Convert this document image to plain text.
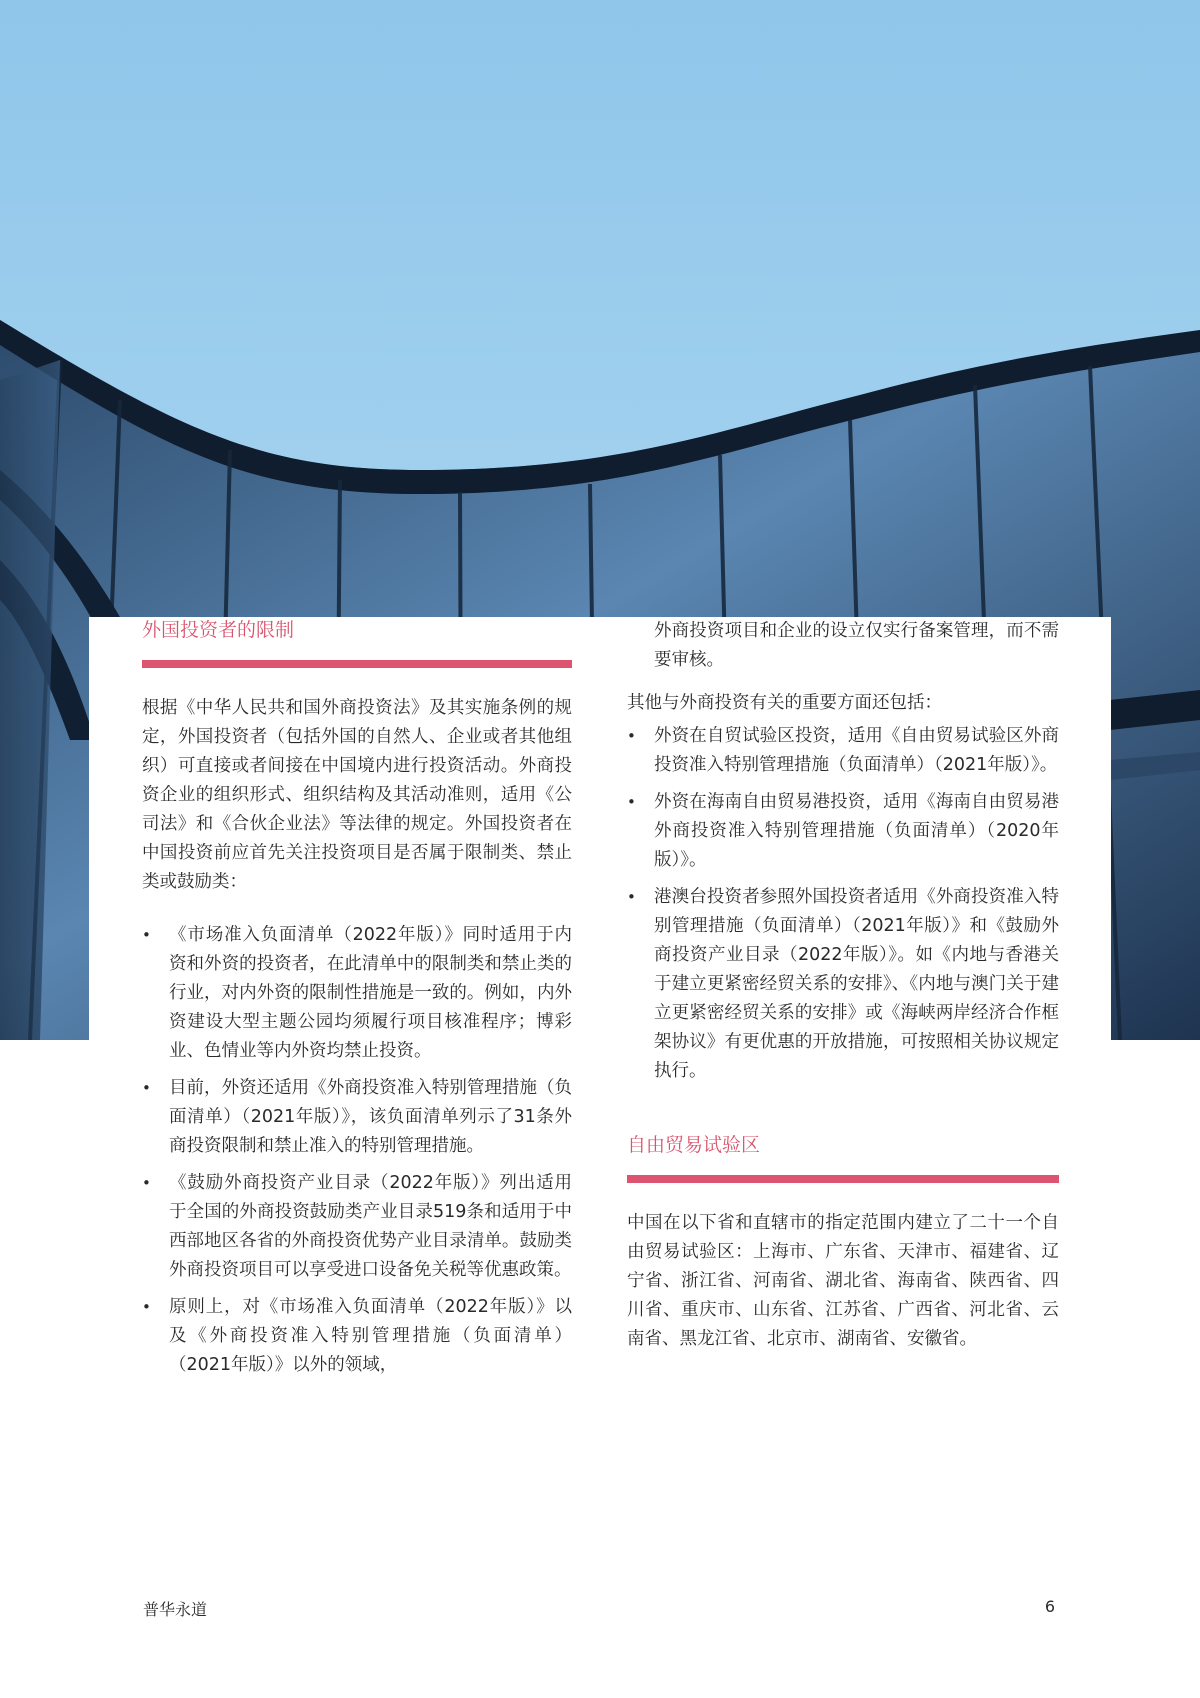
外国投资者的限制

根据《中华人民共和国外商投资法》及其实施条例的规定，外国投资者（包括外国的自然人、企业或者其他组织）可直接或者间接在中国境内进行投资活动。外商投资企业的组织形式、组织结构及其活动准则，适用《公司法》和《合伙企业法》等法律的规定。外国投资者在中国投资前应首先关注投资项目是否属于限制类、禁止类或鼓励类：

• 《市场准入负面清单（2022年版）》同时适用于内资和外资的投资者，在此清单中的限制类和禁止类的行业，对内外资的限制性措施是一致的。例如，内外资建设大型主题公园均须履行项目核准程序；博彩业、色情业等内外资均禁止投资。
• 目前，外资还适用《外商投资准入特别管理措施（负面清单）（2021年版）》，该负面清单列示了31条外商投资限制和禁止准入的特别管理措施。
• 《鼓励外商投资产业目录（2022年版）》列出适用于全国的外商投资鼓励类产业目录519条和适用于中西部地区各省的外商投资优势产业目录清单。鼓励类外商投资项目可以享受进口设备免关税等优惠政策。
• 原则上，对《市场准入负面清单（2022年版）》以及《外商投资准入特别管理措施（负面清单）（2021年版）》以外的领域，

外商投资项目和企业的设立仅实行备案管理，而不需要审核。

其他与外商投资有关的重要方面还包括：

• 外资在自贸试验区投资，适用《自由贸易试验区外商投资准入特别管理措施（负面清单）（2021年版）》。
• 外资在海南自由贸易港投资，适用《海南自由贸易港外商投资准入特别管理措施（负面清单）（2020年版）》。
• 港澳台投资者参照外国投资者适用《外商投资准入特别管理措施（负面清单）（2021年版）》和《鼓励外商投资产业目录（2022年版）》。如《内地与香港关于建立更紧密经贸关系的安排》、《内地与澳门关于建立更紧密经贸关系的安排》或《海峡两岸经济合作框架协议》有更优惠的开放措施，可按照相关协议规定执行。
自由贸易试验区

中国在以下省和直辖市的指定范围内建立了二十一个自由贸易试验区：上海市、广东省、天津市、福建省、辽宁省、浙江省、河南省、湖北省、海南省、陕西省、四川省、重庆市、山东省、江苏省、广西省、河北省、云南省、黑龙江省、北京市、湖南省、安徽省。

普华永道	6
